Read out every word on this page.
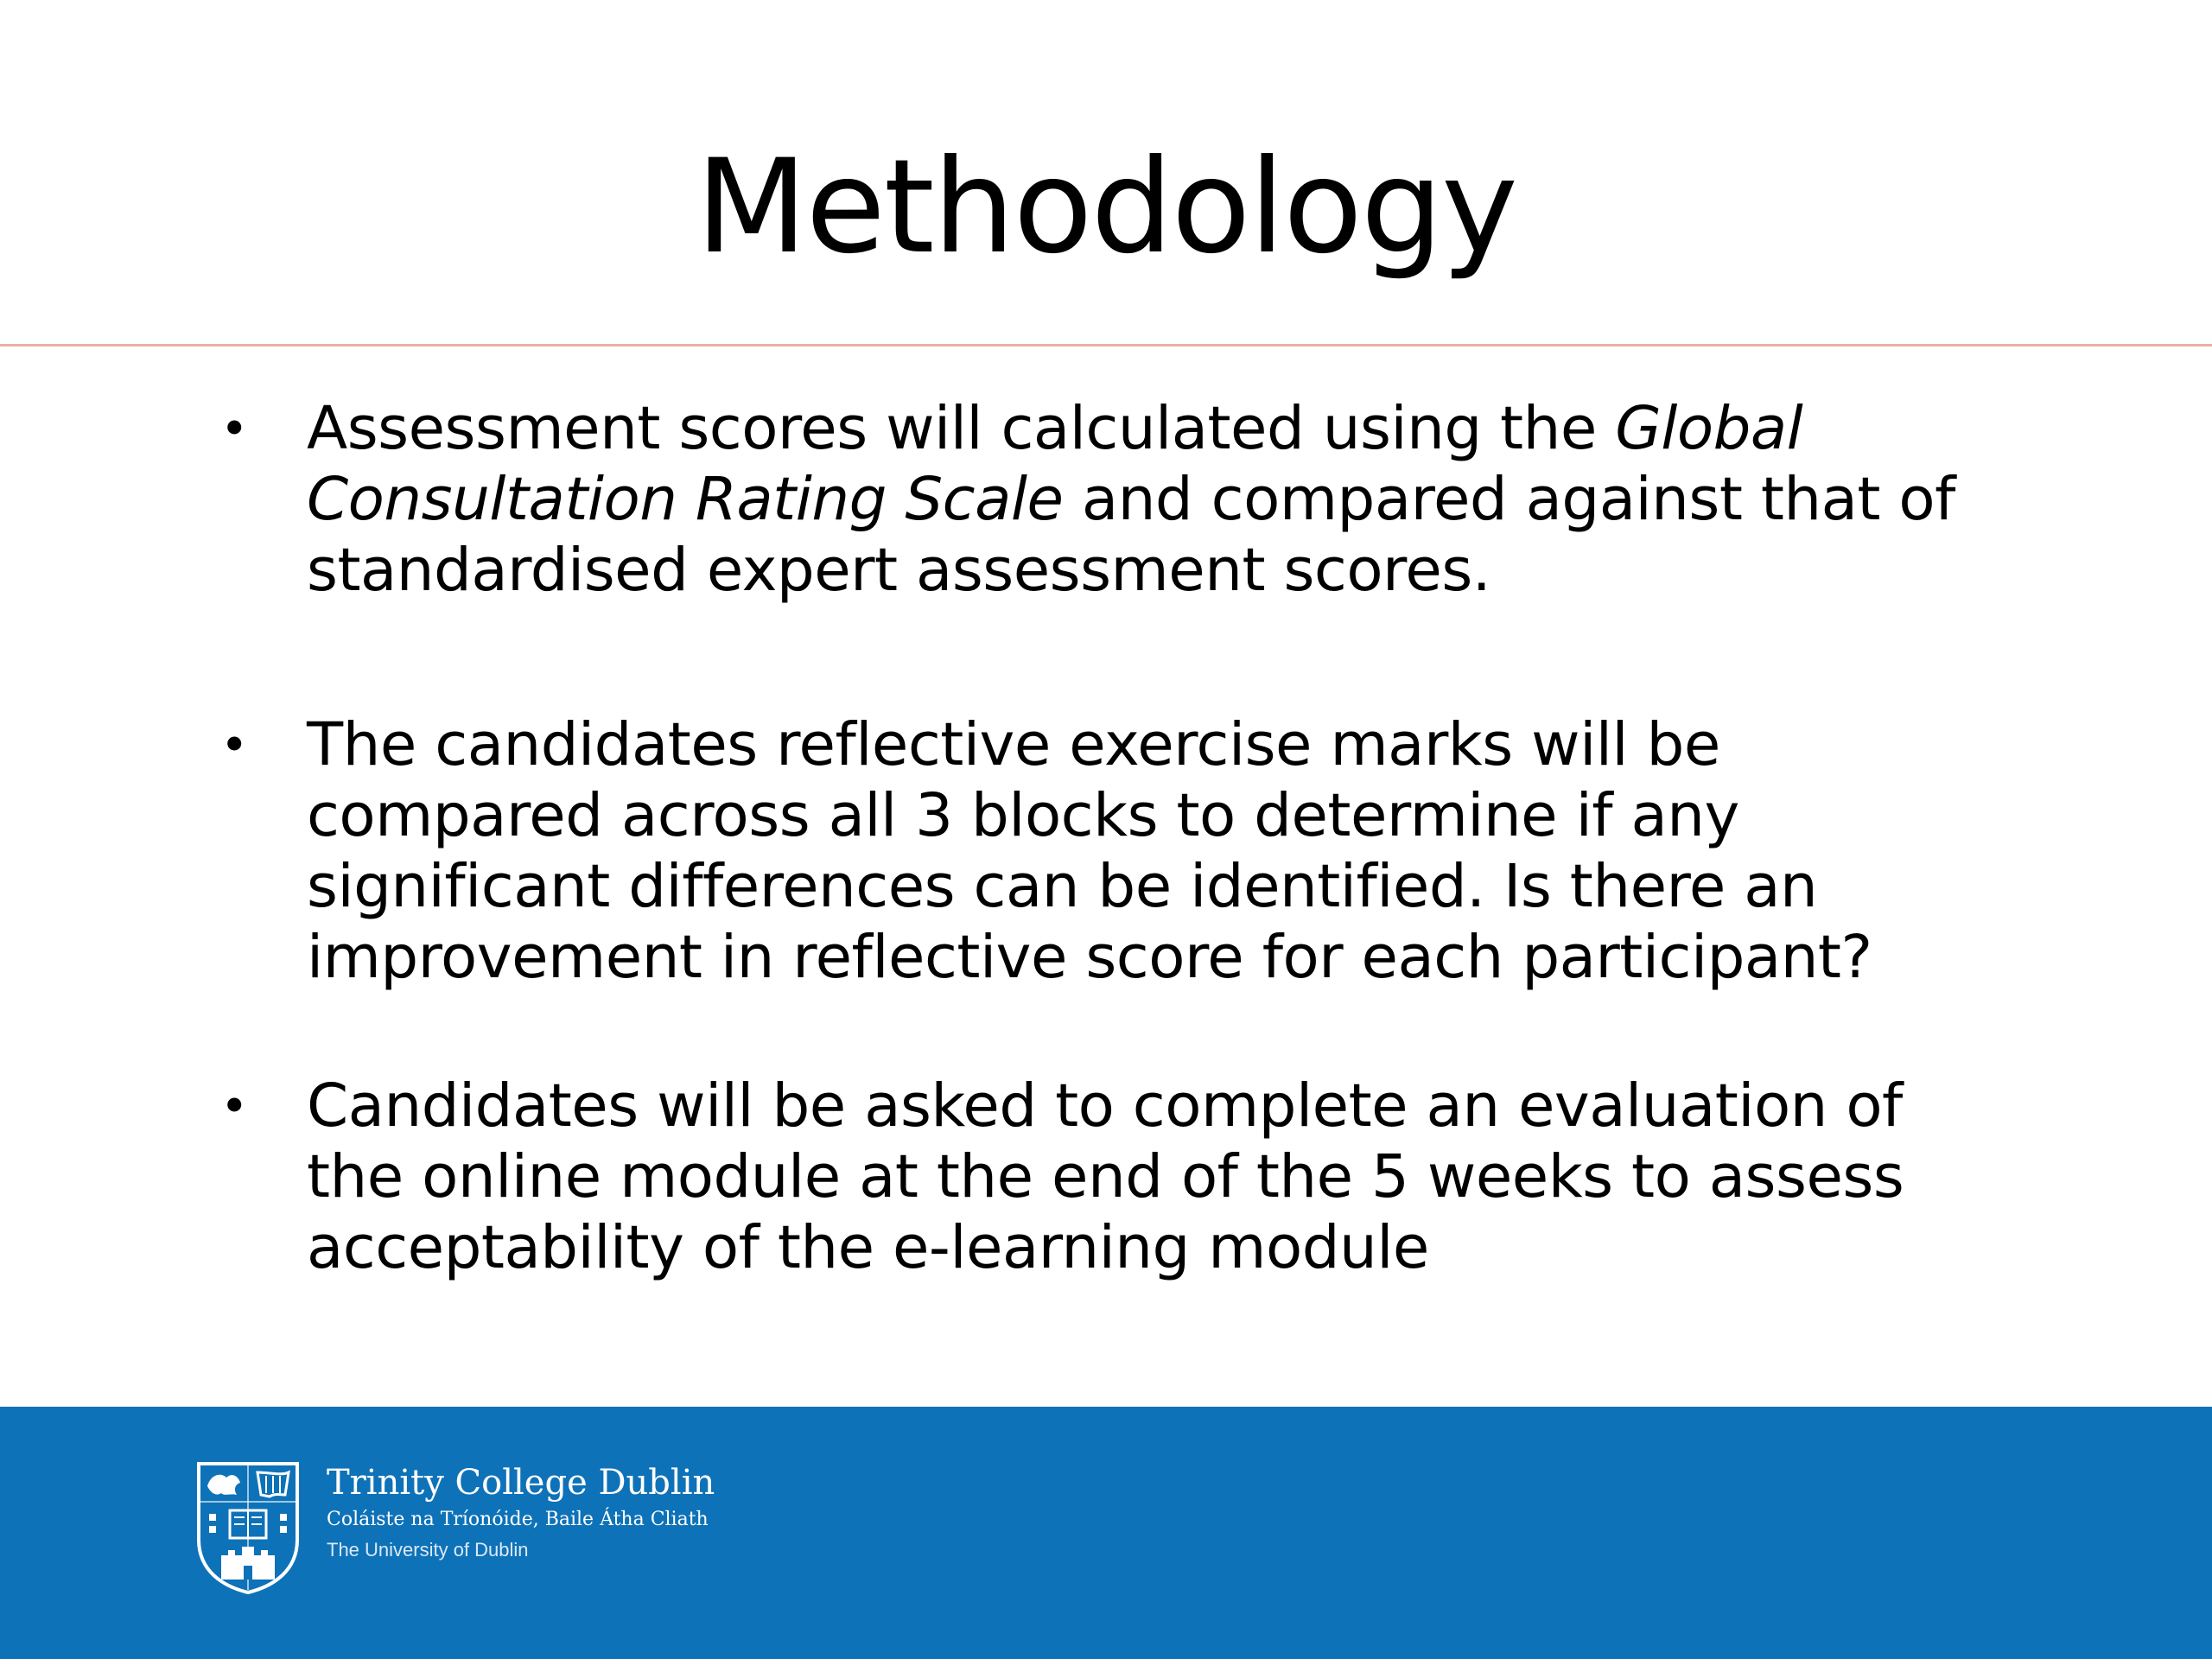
Methodology
• Assessment scores will calculated using the Global Consultation Rating Scale and compared against that of standardised expert assessment scores.
• The candidates reflective exercise marks will be compared across all 3 blocks to determine if any significant differences can be identified. Is there an improvement in reflective score for each participant?
• Candidates will be asked to complete an evaluation of the online module at the end of the 5 weeks to assess acceptability of the e-learning module
Trinity College Dublin
Coláiste na Tríonóide, Baile Átha Cliath
The University of Dublin
